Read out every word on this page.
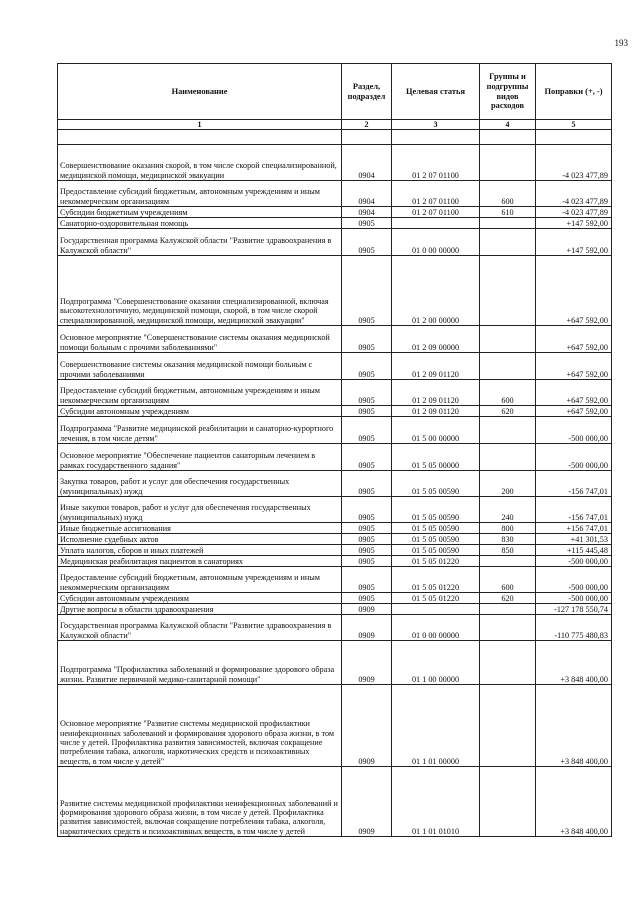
193
Наименование	Раздел, подраздел	Целевая статья	Группы и подгруппы видов расходов	Поправки (+, -)
1	2	3	4	5

Совершенствование оказания скорой, в том числе скорой специализированной, медицинской помощи, медицинской эвакуации	0904	01 2 07 01100		-4 023 477,89
Предоставление субсидий бюджетным, автономным учреждениям и иным некоммерческим организациям	0904	01 2 07 01100	600	-4 023 477,89
Субсидии бюджетным учреждениям	0904	01 2 07 01100	610	-4 023 477,89
Санаторно-оздоровительная помощь	0905			+147 592,00
Государственная программа Калужской области "Развитие здравоохранения в Калужской области"	0905	01 0 00 00000		+147 592,00
Подпрограмма "Совершенствование оказания специализированной, включая высокотехнологичную, медицинской помощи, скорой, в том числе скорой специализированной, медицинской помощи, медицинской эвакуации"	0905	01 2 00 00000		+647 592,00
Основное мероприятие "Совершенствование системы оказания медицинской помощи больным с прочими заболеваниями"	0905	01 2 09 00000		+647 592,00
Совершенствование системы оказания медицинской помощи больным с прочими заболеваниями	0905	01 2 09 01120		+647 592,00
Предоставление субсидий бюджетным, автономным учреждениям и иным некоммерческим организациям	0905	01 2 09 01120	600	+647 592,00
Субсидии автономным учреждениям	0905	01 2 09 01120	620	+647 592,00
Подпрограмма "Развитие медицинской реабилитации и санаторно-курортного лечения, в том числе детям"	0905	01 5 00 00000		-500 000,00
Основное мероприятие "Обеспечение пациентов санаторным лечением в рамках государственного задания"	0905	01 5 05 00000		-500 000,00
Закупка товаров, работ и услуг для обеспечения государственных (муниципальных) нужд	0905	01 5 05 00590	200	-156 747,01
Иные закупки товаров, работ и услуг для обеспечения государственных (муниципальных) нужд	0905	01 5 05 00590	240	-156 747,01
Иные бюджетные ассигнования	0905	01 5 05 00590	800	+156 747,01
Исполнение судебных актов	0905	01 5 05 00590	830	+41 301,53
Уплата налогов, сборов и иных платежей	0905	01 5 05 00590	850	+115 445,48
Медицинская реабилитация пациентов в санаториях	0905	01 5 05 01220		-500 000,00
Предоставление субсидий бюджетным, автономным учреждениям и иным некоммерческим организациям	0905	01 5 05 01220	600	-500 000,00
Субсидии автономным учреждениям	0905	01 5 05 01220	620	-500 000,00
Другие вопросы в области здравоохранения	0909			-127 178 550,74
Государственная программа Калужской области "Развитие здравоохранения в Калужской области"	0909	01 0 00 00000		-110 775 480,83
Подпрограмма "Профилактика заболеваний и формирование здорового образа жизни. Развитие первичной медико-санитарной помощи"	0909	01 1 00 00000		+3 848 400,00
Основное мероприятие "Развитие системы медицинской профилактики неинфекционных заболеваний и формирования здорового образа жизни, в том числе у детей. Профилактика развития зависимостей, включая сокращение потребления табака, алкоголя, наркотических средств и психоактивных веществ, в том числе у детей"	0909	01 1 01 00000		+3 848 400,00
Развитие системы медицинской профилактики неинфекционных заболеваний и формирования здорового образа жизни, в том числе у детей. Профилактика развития зависимостей, включая сокращение потребления табака, алкоголя, наркотических средств и психоактивных веществ, в том числе у детей	0909	01 1 01 01010		+3 848 400,00
